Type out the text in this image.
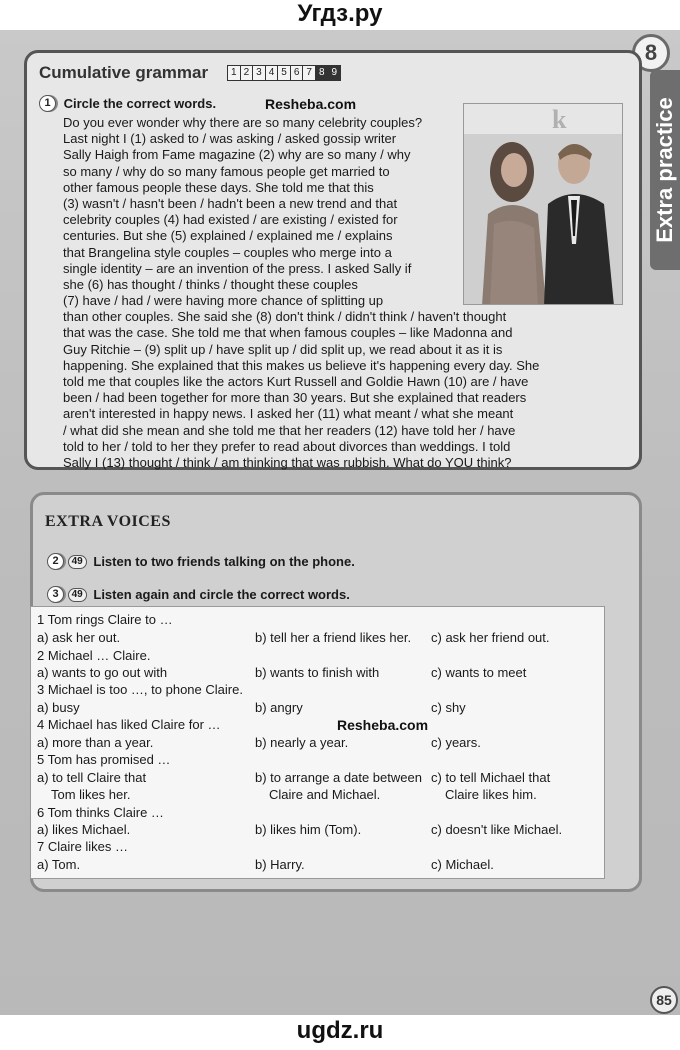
Угдз.ру
8
Extra practice
Cumulative grammar	1 2 3 4 5 6 7 8 9
1 Circle the correct words.	Resheba.com
k
Do you ever wonder why there are so many celebrity couples?
Last night I (1) asked to / was asking / asked gossip writer
Sally Haigh from Fame magazine (2) why are so many / why
so many / why do so many famous people get married to
other famous people these days. She told me that this
(3) wasn't / hasn't been / hadn't been a new trend and that
celebrity couples (4) had existed / are existing / existed for
centuries. But she (5) explained / explained me / explains
that Brangelina style couples – couples who merge into a
single identity – are an invention of the press. I asked Sally if
she (6) has thought / thinks / thought these couples
(7) have / had / were having more chance of splitting up
than other couples. She said she (8) don't think / didn't think / haven't thought
that was the case. She told me that when famous couples – like Madonna and
Guy Ritchie – (9) split up / have split up / did split up, we read about it as it is
happening. She explained that this makes us believe it's happening every day. She
told me that couples like the actors Kurt Russell and Goldie Hawn (10) are / have
been / had been together for more than 30 years. But she explained that readers
aren't interested in happy news. I asked her (11) what meant / what she meant
/ what did she mean and she told me that her readers (12) have told her / have
told to her / told to her they prefer to read about divorces than weddings. I told
Sally I (13) thought / think / am thinking that was rubbish. What do YOU think?
EXTRA VOICES
2 49 Listen to two friends talking on the phone.
3 49 Listen again and circle the correct words.
Resheba.com
1 Tom rings Claire to …
a) ask her out.	b) tell her a friend likes her. c) ask her friend out.
2 Michael … Claire.
a) wants to go out with	b) wants to finish with	c) wants to meet
3 Michael is too …, to phone Claire.
a) busy	b) angry	c) shy
4 Michael has liked Claire for …
a) more than a year.	b) nearly a year.	c) years.
5 Tom has promised …
a) to tell Claire that
Tom likes her.
b) to arrange a date between
Claire and Michael.
c) to tell Michael that
Claire likes him.
6 Tom thinks Claire …
a) likes Michael.	b) likes him (Tom).	c) doesn't like Michael.
7 Claire likes …
a) Tom.	b) Harry.	c) Michael.
85
ugdz.ru
